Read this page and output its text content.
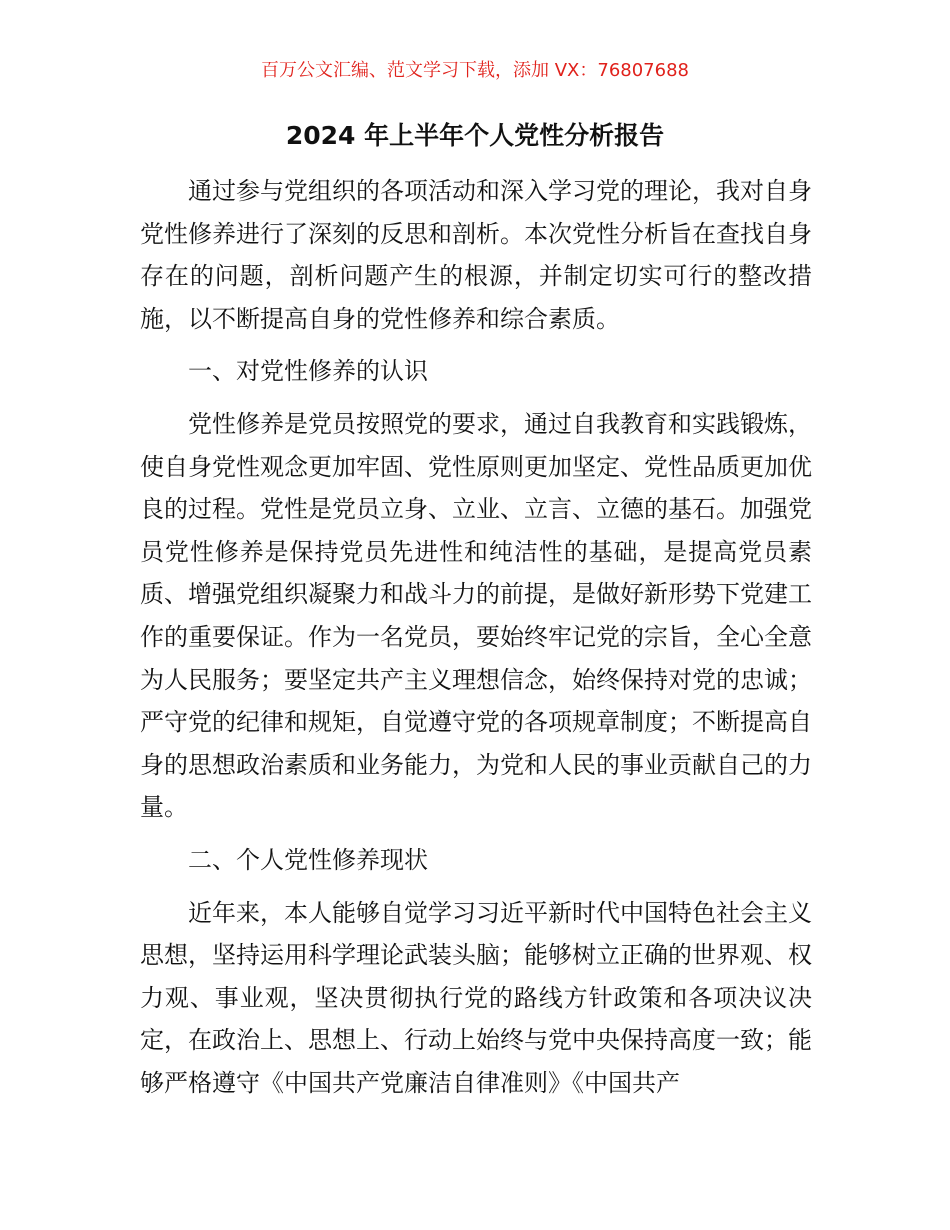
百万公文汇编、范文学习下载，添加 VX：76807688
2024 年上半年个人党性分析报告

通过参与党组织的各项活动和深入学习党的理论，我对自身党性修养进行了深刻的反思和剖析。本次党性分析旨在查找自身存在的问题，剖析问题产生的根源，并制定切实可行的整改措施，以不断提高自身的党性修养和综合素质。

一、对党性修养的认识

党性修养是党员按照党的要求，通过自我教育和实践锻炼，使自身党性观念更加牢固、党性原则更加坚定、党性品质更加优良的过程。党性是党员立身、立业、立言、立德的基石。加强党员党性修养是保持党员先进性和纯洁性的基础，是提高党员素质、增强党组织凝聚力和战斗力的前提，是做好新形势下党建工作的重要保证。作为一名党员，要始终牢记党的宗旨，全心全意为人民服务；要坚定共产主义理想信念，始终保持对党的忠诚；严守党的纪律和规矩，自觉遵守党的各项规章制度；不断提高自身的思想政治素质和业务能力，为党和人民的事业贡献自己的力量。

二、个人党性修养现状

近年来，本人能够自觉学习习近平新时代中国特色社会主义思想，坚持运用科学理论武装头脑；能够树立正确的世界观、权力观、事业观，坚决贯彻执行党的路线方针政策和各项决议决定，在政治上、思想上、行动上始终与党中央保持高度一致；能够严格遵守《中国共产党廉洁自律准则》《中国共产
